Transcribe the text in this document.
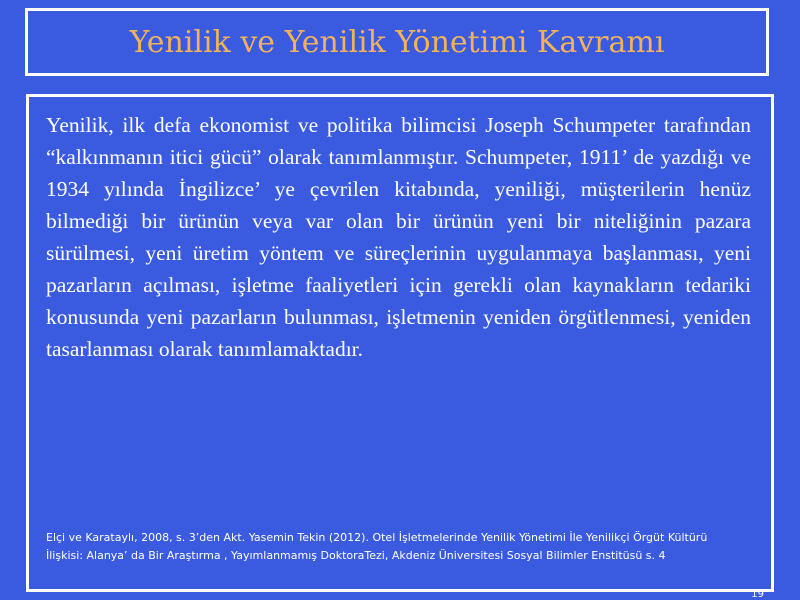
Yenilik ve Yenilik Yönetimi Kavramı

Yenilik, ilk defa ekonomist ve politika bilimcisi Joseph Schumpeter tarafından “kalkınmanın itici gücü” olarak tanımlanmıştır. Schumpeter, 1911’ de yazdığı ve 1934 yılında İngilizce’ ye çevrilen kitabında, yeniliği, müşterilerin henüz bilmediği bir ürünün veya var olan bir ürünün yeni bir niteliğinin pazara sürülmesi, yeni üretim yöntem ve süreçlerinin uygulanmaya başlanması, yeni pazarların açılması, işletme faaliyetleri için gerekli olan kaynakların tedariki konusunda yeni pazarların bulunması, işletmenin yeniden örgütlenmesi, yeniden tasarlanması olarak tanımlamaktadır.

Elçi ve Karataylı, 2008, s. 3’den Akt. Yasemin Tekin (2012). Otel İşletmelerinde Yenilik Yönetimi İle Yenilikçi Örgüt Kültürü İlişkisi: Alanya’ da Bir Araştırma , Yayımlanmamış DoktoraTezi, Akdeniz Üniversitesi Sosyal Bilimler Enstitüsü s. 4

19
